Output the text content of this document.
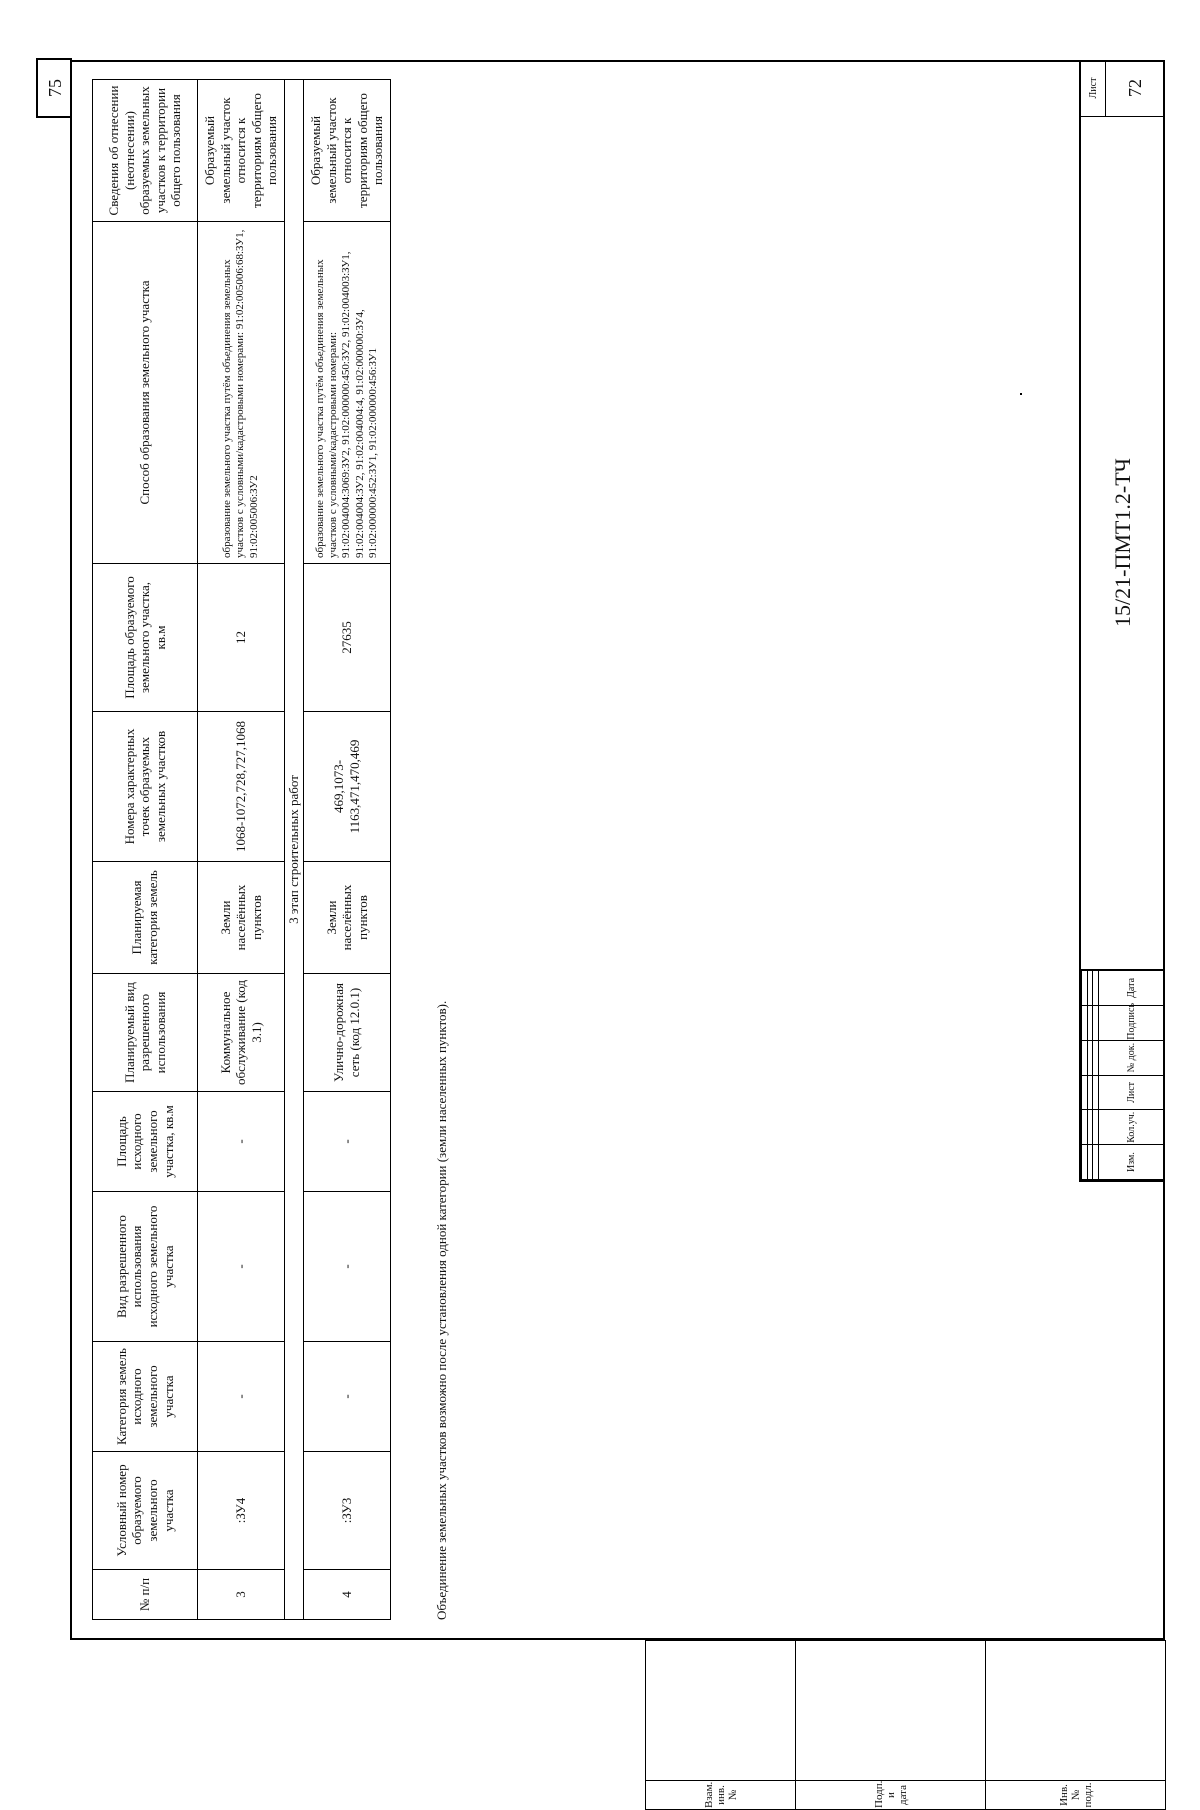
75
№ п/п	Условный номер образуемого земельного участка	Категория земель исходного земельного участка	Вид разрешенного использования исходного земельного участка	Площадь исходного земельного участка, кв.м	Планируемый вид разрешенного использования	Планируемая категория земель	Номера характерных точек образуемых земельных участков	Площадь образуемого земельного участка, кв.м	Способ образования земельного участка	Сведения об отнесении (неотнесении) образуемых земельных участков к территории общего пользования
3	:ЗУ4	-	-	-	Коммунальное обслуживание (код 3.1)	Земли населённых пунктов	1068-1072,728,727,1068	12	образование земельного участка путём объединения земельных участков с условными/кадастровыми номерами: 91:02:005006:68:ЗУ1, 91:02:005006:ЗУ2	Образуемый земельный участок относится к территориям общего пользования
3 этап строительных работ										
4	:ЗУ3	-	-	-	Улично-дорожная сеть (код 12.0.1)	Земли населённых пунктов	469,1073-1163,471,470,469	27635	образование земельного участка путём объединения земельных участков с условными/кадастровыми номерами: 91:02:004004:3069:ЗУ2, 91:02:000000:450:ЗУ2, 91:02:004003:ЗУ1, 91:02:004004:ЗУ2, 91:02:004004:4, 91:02:000000:ЗУ4, 91:02:000000:452:ЗУ1, 91:02:000000:456:ЗУ1	Образуемый земельный участок относится к территориям общего пользования
Объединение земельных участков возможно после установления одной категории (земли населенных пунктов).

						Изм.	Кол.уч.	Лист	№ док.	Подпись	Дата
15/21-ПМТ1.2-ТЧ
Лист	72
Взам. инв. №	
Подп. и дата	
Инв. № подл.	
